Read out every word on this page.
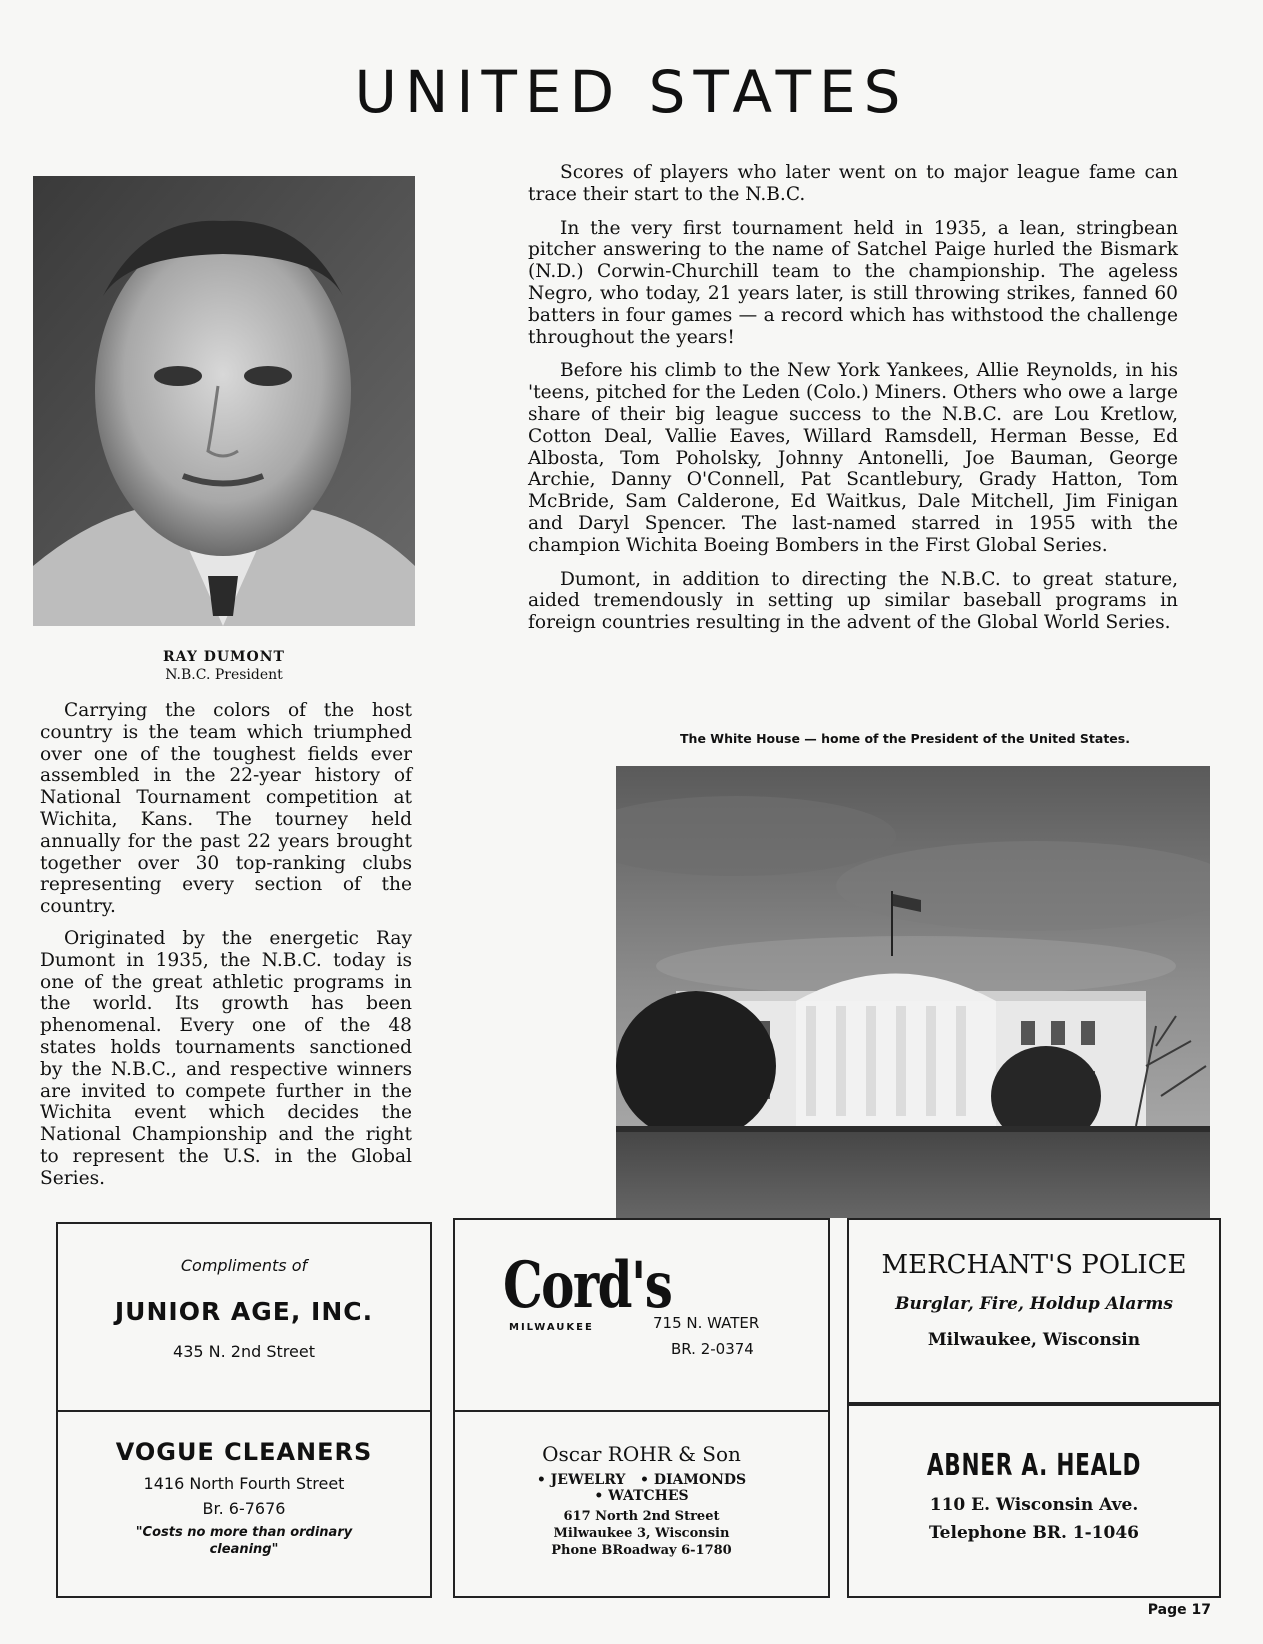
UNITED STATES
RAY DUMONT
N.B.C. President

Carrying the colors of the host country is the team which triumphed over one of the toughest fields ever assembled in the 22-year history of National Tournament competition at Wichita, Kans. The tourney held annually for the past 22 years brought together over 30 top-ranking clubs representing every section of the country.

Originated by the energetic Ray Dumont in 1935, the N.B.C. today is one of the great athletic programs in the world. Its growth has been phenomenal. Every one of the 48 states holds tournaments sanctioned by the N.B.C., and respective winners are invited to compete further in the Wichita event which decides the National Championship and the right to represent the U.S. in the Global Series.

Scores of players who later went on to major league fame can trace their start to the N.B.C.

In the very first tournament held in 1935, a lean, stringbean pitcher answering to the name of Satchel Paige hurled the Bismark (N.D.) Corwin-Churchill team to the championship. The ageless Negro, who today, 21 years later, is still throwing strikes, fanned 60 batters in four games — a record which has withstood the challenge throughout the years!

Before his climb to the New York Yankees, Allie Reynolds, in his 'teens, pitched for the Leden (Colo.) Miners. Others who owe a large share of their big league success to the N.B.C. are Lou Kretlow, Cotton Deal, Vallie Eaves, Willard Ramsdell, Herman Besse, Ed Albosta, Tom Poholsky, Johnny Antonelli, Joe Bauman, George Archie, Danny O'Connell, Pat Scantlebury, Grady Hatton, Tom McBride, Sam Calderone, Ed Waitkus, Dale Mitchell, Jim Finigan and Daryl Spencer. The last-named starred in 1955 with the champion Wichita Boeing Bombers in the First Global Series.

Dumont, in addition to directing the N.B.C. to great stature, aided tremendously in setting up similar baseball programs in foreign countries resulting in the advent of the Global World Series.

The White House — home of the President of the United States.
Compliments of
JUNIOR AGE, INC.
435 N. 2nd Street
Cord's
MILWAUKEE	715 N. WATER
BR. 2-0374
MERCHANT'S POLICE
Burglar, Fire, Holdup Alarms
Milwaukee, Wisconsin
VOGUE CLEANERS
1416 North Fourth Street
Br. 6-7676
"Costs no more than ordinary cleaning"
Oscar ROHR & Son
• JEWELRY   • DIAMONDS
• WATCHES
617 North 2nd Street
Milwaukee 3, Wisconsin
Phone BRoadway 6-1780
ABNER A. HEALD
110 E. Wisconsin Ave.
Telephone BR. 1-1046
Page 17
